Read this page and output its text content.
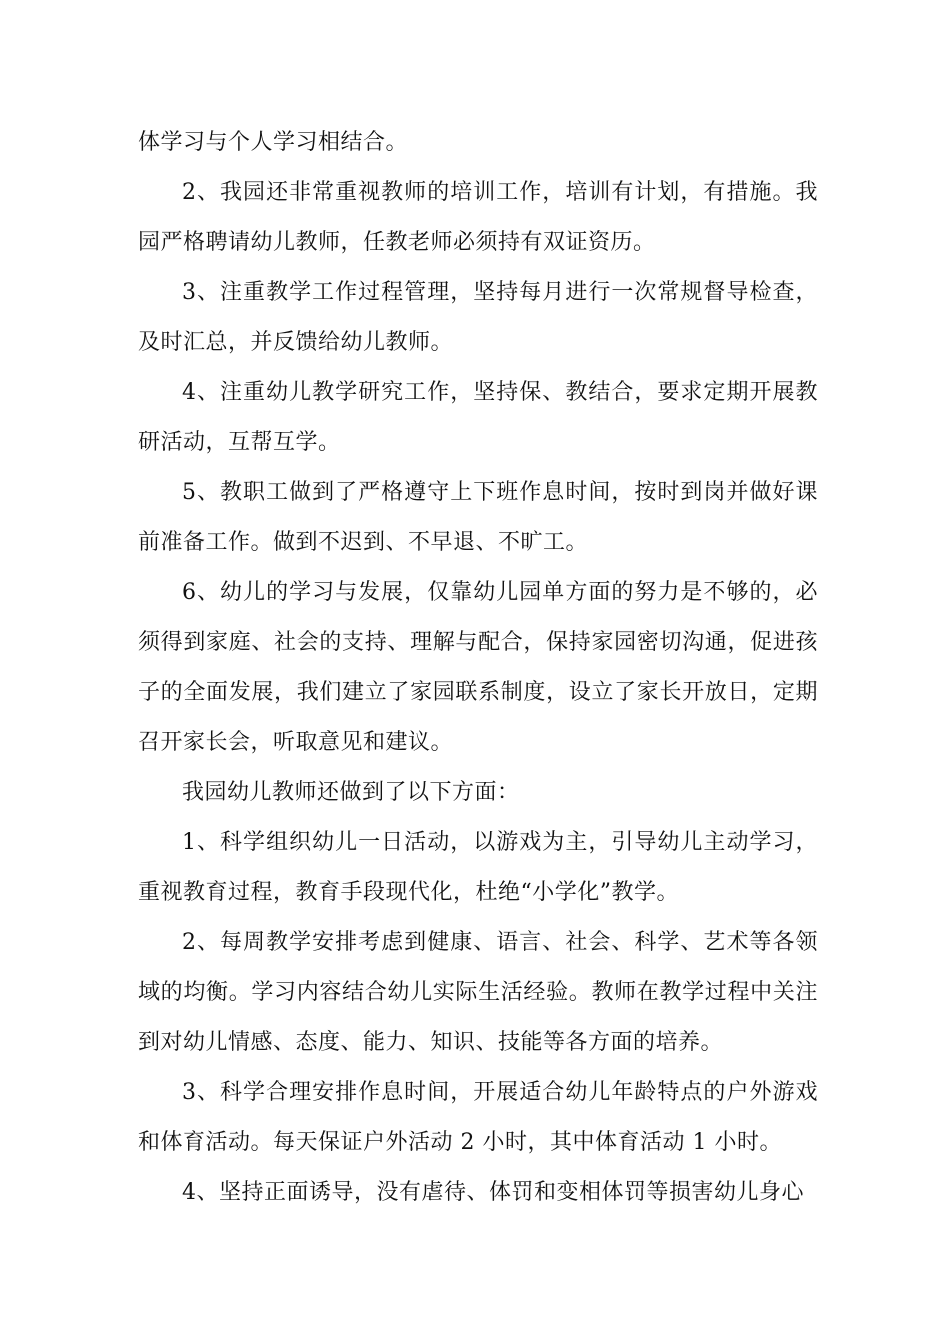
体学习与个人学习相结合。

2、我园还非常重视教师的培训工作，培训有计划，有措施。我园严格聘请幼儿教师，任教老师必须持有双证资历。

3、注重教学工作过程管理，坚持每月进行一次常规督导检查，及时汇总，并反馈给幼儿教师。

4、注重幼儿教学研究工作，坚持保、教结合，要求定期开展教研活动，互帮互学。

5、教职工做到了严格遵守上下班作息时间，按时到岗并做好课前准备工作。做到不迟到、不早退、不旷工。

6、幼儿的学习与发展，仅靠幼儿园单方面的努力是不够的，必须得到家庭、社会的支持、理解与配合，保持家园密切沟通，促进孩子的全面发展，我们建立了家园联系制度，设立了家长开放日，定期召开家长会，听取意见和建议。

我园幼儿教师还做到了以下方面：

1、科学组织幼儿一日活动，以游戏为主，引导幼儿主动学习，重视教育过程，教育手段现代化，杜绝“小学化”教学。

2、每周教学安排考虑到健康、语言、社会、科学、艺术等各领域的均衡。学习内容结合幼儿实际生活经验。教师在教学过程中关注到对幼儿情感、态度、能力、知识、技能等各方面的培养。

3、科学合理安排作息时间，开展适合幼儿年龄特点的户外游戏和体育活动。每天保证户外活动 2 小时，其中体育活动 1 小时。

4、坚持正面诱导，没有虐待、体罚和变相体罚等损害幼儿身心
